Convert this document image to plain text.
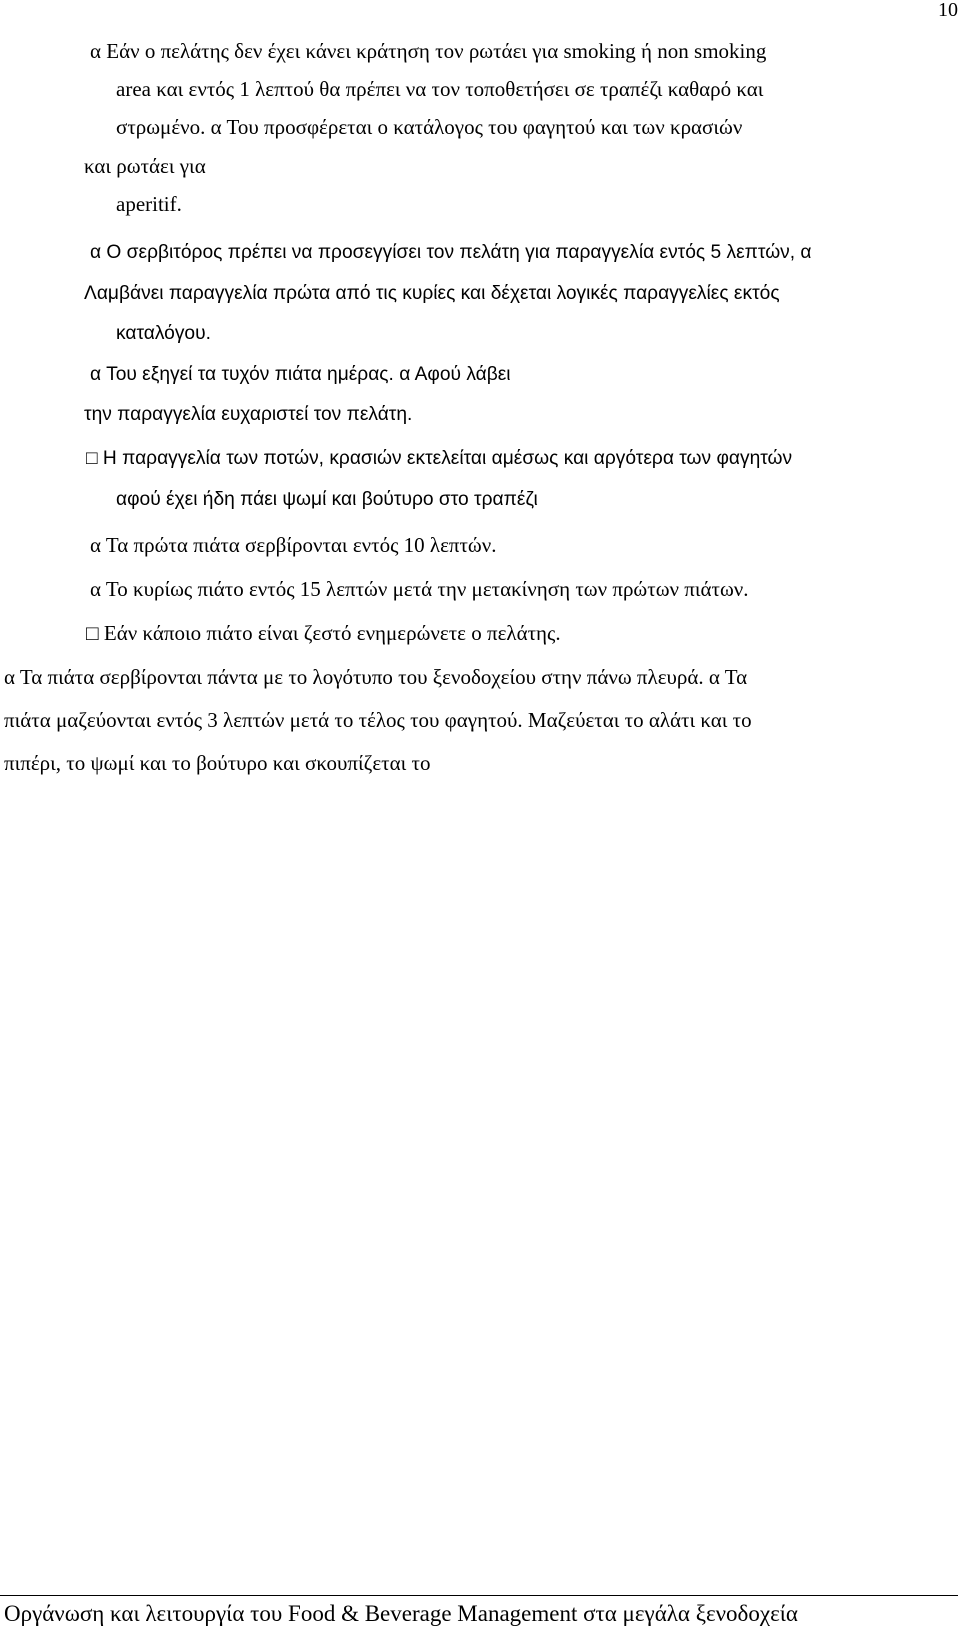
10
α Εάν ο πελάτης δεν έχει κάνει κράτηση τον ρωτάει για smoking ή non smoking
area και εντός 1 λεπτού θα πρέπει να τον τοποθετήσει σε τραπέζι καθαρό και
στρωμένο. α Του προσφέρεται ο κατάλογος του φαγητού και των κρασιών
και ρωτάει για
aperitif.
α Ο σερβιτόρος πρέπει να προσεγγίσει τον πελάτη για παραγγελία εντός 5 λεπτών, α
Λαμβάνει παραγγελία πρώτα από τις κυρίες και δέχεται λογικές παραγγελίες εκτός
καταλόγου.
α Του εξηγεί τα τυχόν πιάτα ημέρας. α Αφού λάβει
την παραγγελία ευχαριστεί τον πελάτη.
□ Η παραγγελία των ποτών, κρασιών εκτελείται αμέσως και αργότερα των φαγητών
αφού έχει ήδη πάει ψωμί και βούτυρο στο τραπέζι
α Τα πρώτα πιάτα σερβίρονται εντός 10 λεπτών.
α Το κυρίως πιάτο εντός 15 λεπτών μετά την μετακίνηση των πρώτων πιάτων.
□ Εάν κάποιο πιάτο είναι ζεστό ενημερώνετε ο πελάτης.
α Τα πιάτα σερβίρονται πάντα με το λογότυπο του ξενοδοχείου στην πάνω πλευρά. α Τα
πιάτα μαζεύονται εντός 3 λεπτών μετά το τέλος του φαγητού. Μαζεύεται το αλάτι και το
πιπέρι, το ψωμί και το βούτυρο και σκουπίζεται το
Οργάνωση και λειτουργία του Food & Beverage Management στα μεγάλα ξενοδοχεία
